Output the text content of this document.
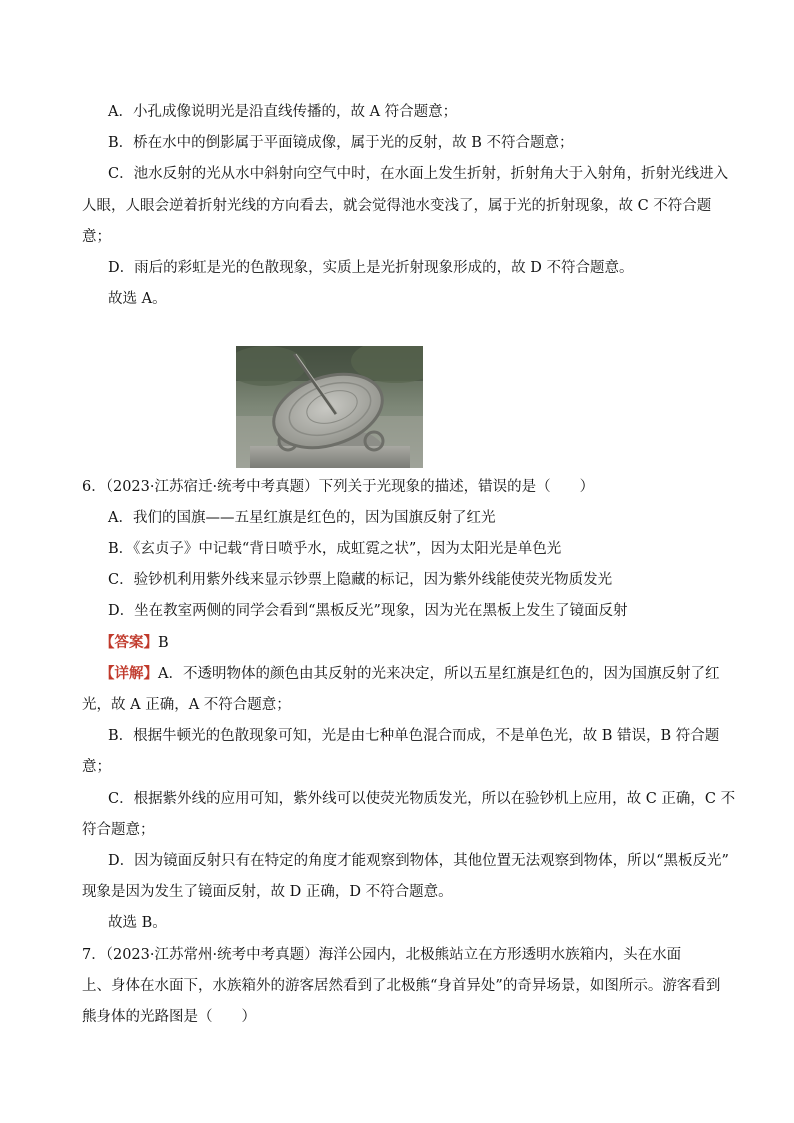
A．小孔成像说明光是沿直线传播的，故 A 符合题意；
B．桥在水中的倒影属于平面镜成像，属于光的反射，故 B 不符合题意；
C．池水反射的光从水中斜射向空气中时，在水面上发生折射，折射角大于入射角，折射光线进入
人眼，人眼会逆着折射光线的方向看去，就会觉得池水变浅了，属于光的折射现象，故 C 不符合题
意；
D．雨后的彩虹是光的色散现象，实质上是光折射现象形成的，故 D 不符合题意。
故选 A。
6．（2023·江苏宿迁·统考中考真题）下列关于光现象的描述，错误的是（　　）
A．我们的国旗——五星红旗是红色的，因为国旗反射了红光
B．《玄贞子》中记载“背日喷乎水，成虹霓之状”，因为太阳光是单色光
C．验钞机利用紫外线来显示钞票上隐藏的标记，因为紫外线能使荧光物质发光
D．坐在教室两侧的同学会看到“黑板反光”现象，因为光在黑板上发生了镜面反射
【答案】B
【详解】A．不透明物体的颜色由其反射的光来决定，所以五星红旗是红色的，因为国旗反射了红
光，故 A 正确，A 不符合题意；
B．根据牛顿光的色散现象可知，光是由七种单色混合而成，不是单色光，故 B 错误，B 符合题
意；
C．根据紫外线的应用可知，紫外线可以使荧光物质发光，所以在验钞机上应用，故 C 正确，C 不
符合题意；
D．因为镜面反射只有在特定的角度才能观察到物体，其他位置无法观察到物体，所以“黑板反光”
现象是因为发生了镜面反射，故 D 正确，D 不符合题意。
故选 B。
7．（2023·江苏常州·统考中考真题）海洋公园内，北极熊站立在方形透明水族箱内，头在水面
上、身体在水面下，水族箱外的游客居然看到了北极熊“身首异处”的奇异场景，如图所示。游客看到
熊身体的光路图是（　　）
